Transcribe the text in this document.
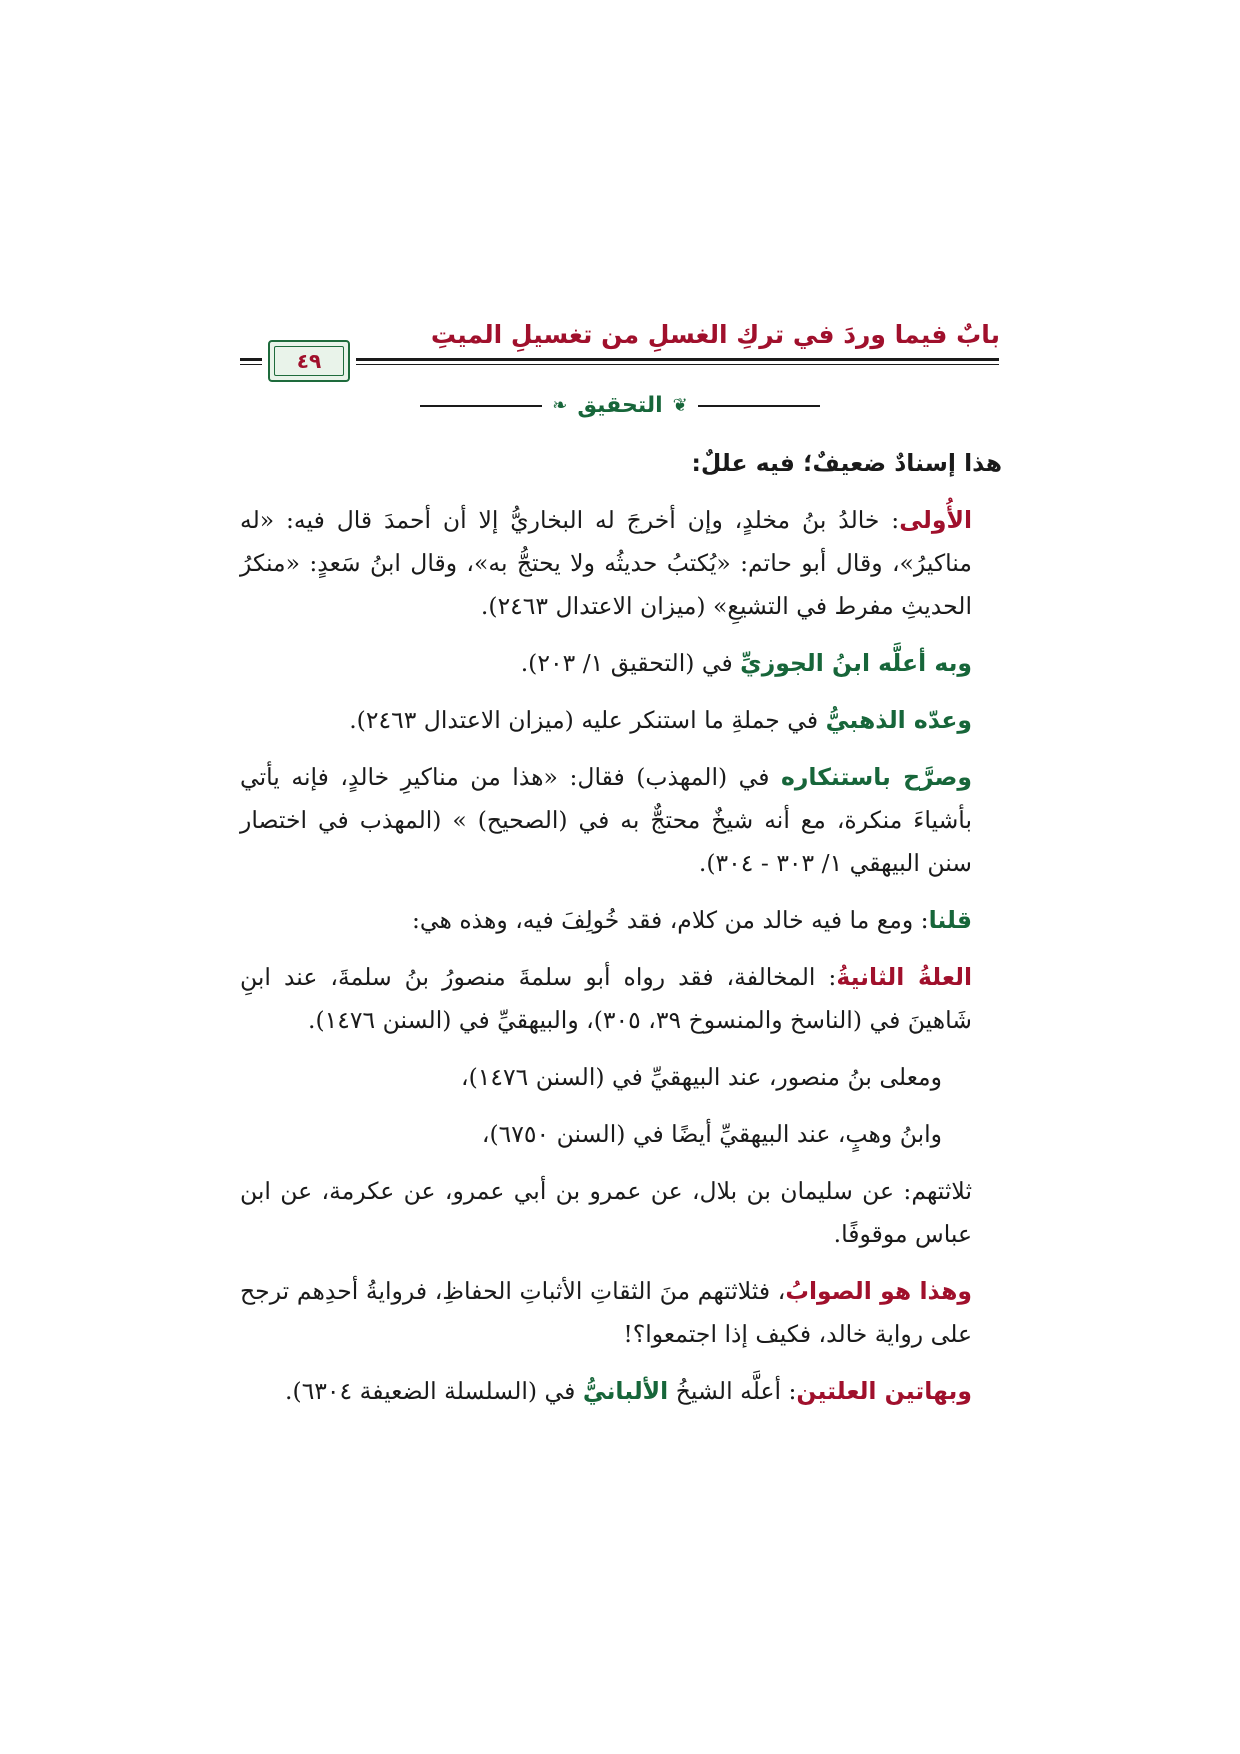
بابٌ فيما وردَ في تركِ الغسلِ من تغسيلِ الميتِ
٤٩
❦
التحقيق
❧

هذا إسنادٌ ضعيفٌ؛ فيه عللٌ:

الأُولى: خالدُ بنُ مخلدٍ، وإن أخرجَ له البخاريُّ إلا أن أحمدَ قال فيه: «له مناكيرُ»، وقال أبو حاتم: «يُكتبُ حديثُه ولا يحتجُّ به»، وقال ابنُ سَعدٍ: «منكرُ الحديثِ مفرط في التشيعِ» (ميزان الاعتدال ٢٤٦٣).

وبه أعلَّه ابنُ الجوزيِّ في (التحقيق ١/ ٢٠٣).

وعدّه الذهبيُّ في جملةِ ما استنكر عليه (ميزان الاعتدال ٢٤٦٣).

وصرَّح باستنكاره في (المهذب) فقال: «هذا من مناكيرِ خالدٍ، فإنه يأتي بأشياءَ منكرة، مع أنه شيخٌ محتجٌّ به في (الصحيح) » (المهذب في اختصار سنن البيهقي ١/ ٣٠٣ - ٣٠٤).

قلنا: ومع ما فيه خالد من كلام، فقد خُولِفَ فيه، وهذه هي:

العلةُ الثانيةُ: المخالفة، فقد رواه أبو سلمةَ منصورُ بنُ سلمةَ، عند ابنِ شَاهينَ في (الناسخ والمنسوخ ٣٩، ٣٠٥)، والبيهقيِّ في (السنن ١٤٧٦).

ومعلى بنُ منصور، عند البيهقيِّ في (السنن ١٤٧٦)،

وابنُ وهبٍ، عند البيهقيِّ أيضًا في (السنن ٦٧٥٠)،

ثلاثتهم: عن سليمان بن بلال، عن عمرو بن أبي عمرو، عن عكرمة، عن ابن عباس موقوفًا.

وهذا هو الصوابُ، فثلاثتهم منَ الثقاتِ الأثباتِ الحفاظِ، فروايةُ أحدِهم ترجح على رواية خالد، فكيف إذا اجتمعوا؟!

وبهاتين العلتين: أعلَّه الشيخُ الألبانيُّ في (السلسلة الضعيفة ٦٣٠٤).
